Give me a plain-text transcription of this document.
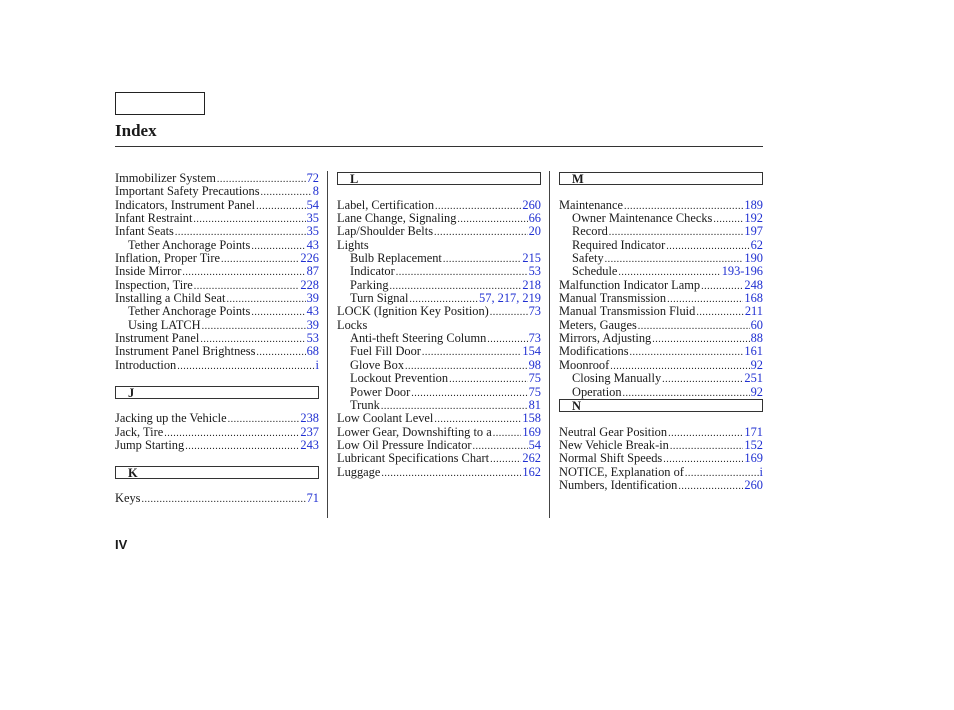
Index
Immobilizer System .....	72
Important Safety Precautions .....	8
Indicators, Instrument Panel .....	54
Infant Restraint .....	35
Infant Seats .....	35
Tether Anchorage Points .....	43
Inflation, Proper Tire .....	226
Inside Mirror .....	87
Inspection, Tire .....	228
Installing a Child Seat .....	39
Tether Anchorage Points .....	43
Using LATCH .....	39
Instrument Panel .....	53
Instrument Panel Brightness .....	68
Introduction .....	i
J
Jacking up the Vehicle .....	238
Jack, Tire .....	237
Jump Starting .....	243
K
Keys .....	71
L
Label, Certification .....	260
Lane Change, Signaling .....	66
Lap/Shoulder Belts .....	20
Lights
Bulb Replacement .....	215
Indicator .....	53
Parking .....	218
Turn Signal .....	57, 217, 219
LOCK (Ignition Key Position) .....	73
Locks
Anti-theft Steering Column .....	73
Fuel Fill Door .....	154
Glove Box .....	98
Lockout Prevention .....	75
Power Door .....	75
Trunk .....	81
Low Coolant Level .....	158
Lower Gear, Downshifting to a ..... 169
Low Oil Pressure Indicator .....	54
Lubricant Specifications Chart .....	262
Luggage .....	162
M
Maintenance .....	189
Owner Maintenance Checks .....	192
Record .....	197
Required Indicator .....	62
Safety .....	190
Schedule .....	193-196
Malfunction Indicator Lamp .....	248
Manual Transmission .....	168
Manual Transmission Fluid .....	211
Meters, Gauges .....	60
Mirrors, Adjusting .....	88
Modifications .....	161
Moonroof .....	92
Closing Manually .....	251
Operation .....	92
N
Neutral Gear Position .....	171
New Vehicle Break-in .....	152
Normal Shift Speeds .....	169
NOTICE, Explanation of .....	i
Numbers, Identification .....	260
IV
